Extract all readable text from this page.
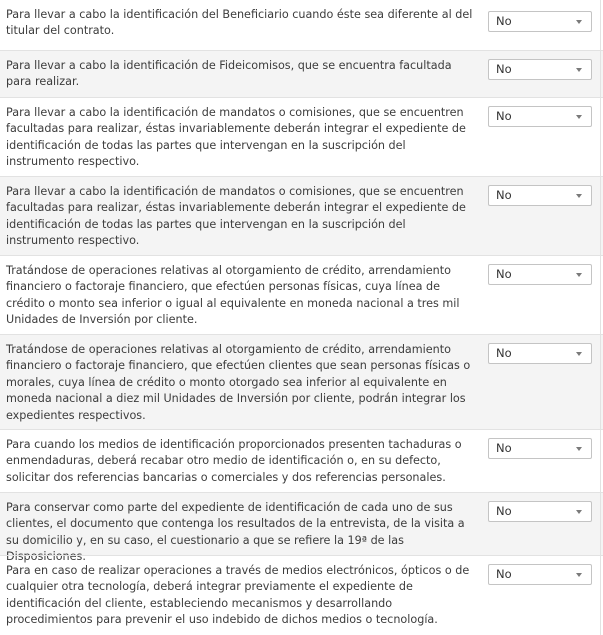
Para llevar a cabo la identificación del Beneficiario cuando éste sea diferente al del titular del contrato.
No
Para llevar a cabo la identificación de Fideicomisos, que se encuentra facultada para realizar.
No
Para llevar a cabo la identificación de mandatos o comisiones, que se encuentren facultadas para realizar, éstas invariablemente deberán integrar el expediente de identificación de todas las partes que intervengan en la suscripción del instrumento respectivo.
No
Para llevar a cabo la identificación de mandatos o comisiones, que se encuentren facultadas para realizar, éstas invariablemente deberán integrar el expediente de identificación de todas las partes que intervengan en la suscripción del instrumento respectivo.
No
Tratándose de operaciones relativas al otorgamiento de crédito, arrendamiento financiero o factoraje financiero, que efectúen personas físicas, cuya línea de crédito o monto sea inferior o igual al equivalente en moneda nacional a tres mil Unidades de Inversión por cliente.
No
Tratándose de operaciones relativas al otorgamiento de crédito, arrendamiento financiero o factoraje financiero, que efectúen clientes que sean personas físicas o morales, cuya línea de crédito o monto otorgado sea inferior al equivalente en moneda nacional a diez mil Unidades de Inversión por cliente, podrán integrar los expedientes respectivos.
No
Para cuando los medios de identificación proporcionados presenten tachaduras o enmendaduras, deberá recabar otro medio de identificación o, en su defecto, solicitar dos referencias bancarias o comerciales y dos referencias personales.
No
Para conservar como parte del expediente de identificación de cada uno de sus clientes, el documento que contenga los resultados de la entrevista, de la visita a su domicilio y, en su caso, el cuestionario a que se refiere la 19ª de las Disposiciones.
No
Para en caso de realizar operaciones a través de medios electrónicos, ópticos o de cualquier otra tecnología, deberá integrar previamente el expediente de identificación del cliente, estableciendo mecanismos y desarrollando procedimientos para prevenir el uso indebido de dichos medios o tecnología.
No
